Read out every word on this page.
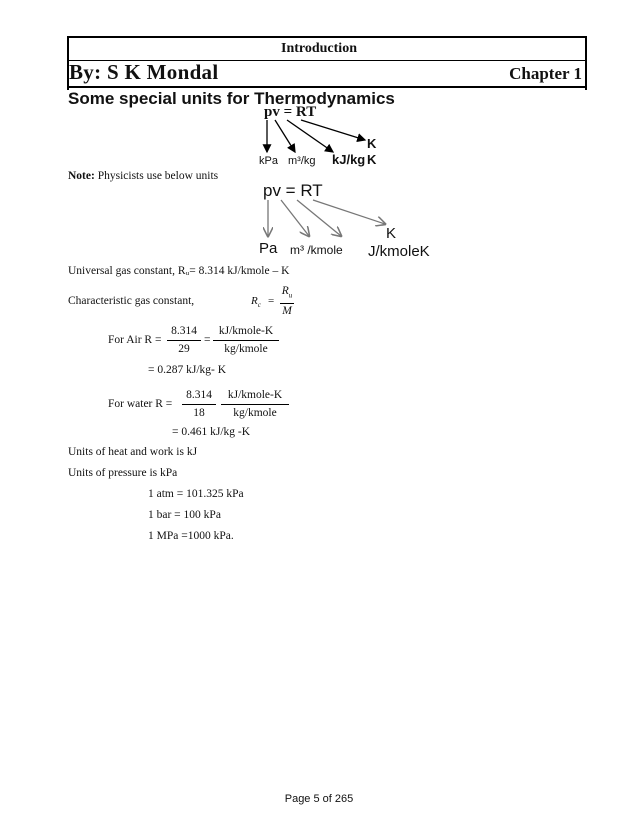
Introduction
By: S K Mondal	Chapter 1
Some special units for Thermodynamics
pv = RT
kPa m³/kg kJ/kg
K
K
Note: Physicists use below units
pv = RT
Pa m³ /kmole
K
J/kmoleK
Universal gas constant, Rᵤ= 8.314 kJ/kmole – K
Characteristic gas constant,	$R_c$ =
$R_u$
M
For Air R =
8.314
29
=
kJ/kmole-K
kg/kmole
= 0.287 kJ/kg- K
For water R =
8.314
18
kJ/kmole-K
kg/kmole
= 0.461 kJ/kg -K
Units of heat and work is kJ
Units of pressure is kPa
1 atm = 101.325 kPa
1 bar = 100 kPa
1 MPa =1000 kPa.
Page 5 of 265
